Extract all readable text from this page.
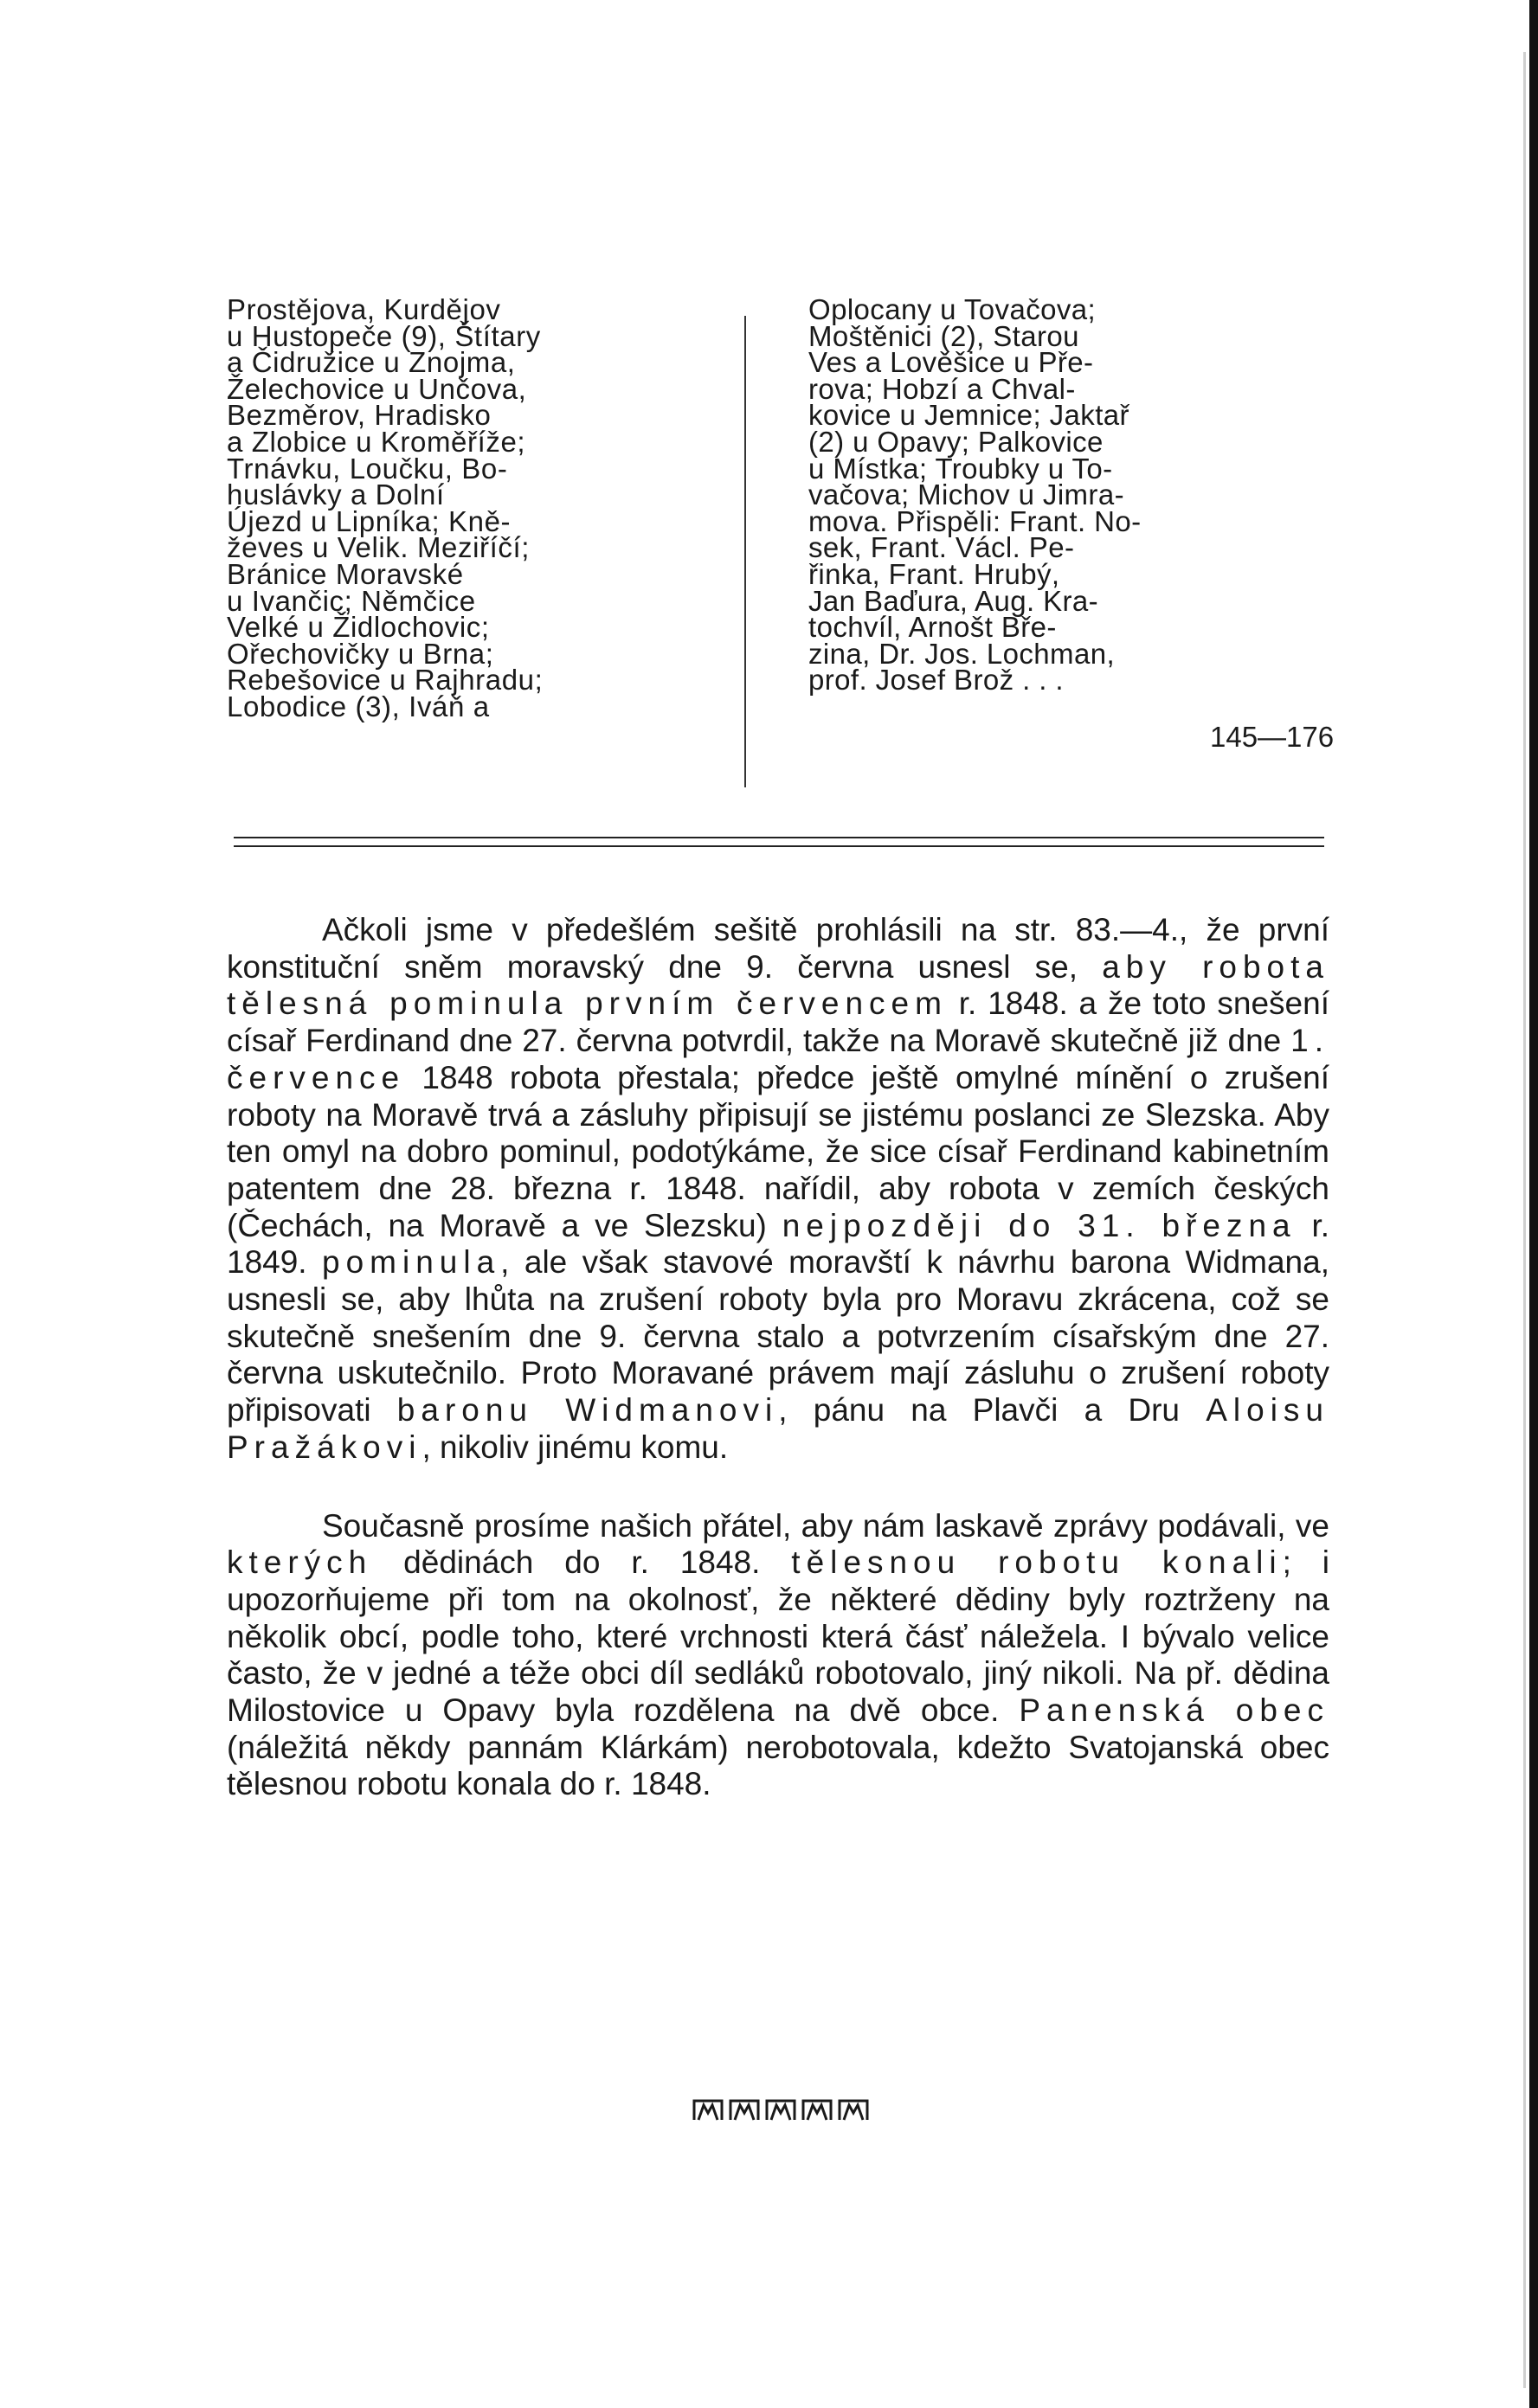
Prostějova, Kurdějov
u Hustopeče (9), Štítary
a Čidružice u Znojma,
Želechovice u Unčova,
Bezměrov, Hradisko
a Zlobice u Kroměříže;
Trnávku, Loučku, Bo-
huslávky a Dolní
Újezd u Lipníka; Kně-
ževes u Velik. Meziříčí;
Bránice Moravské
u Ivančic; Němčice
Velké u Židlochovic;
Ořechovičky u Brna;
Rebešovice u Rajhradu;
Lobodice (3), Iváň a
Oplocany u Tovačova;
Moštěnici (2), Starou
Ves a Lověšice u Pře-
rova; Hobzí a Chval-
kovice u Jemnice; Jaktař
(2) u Opavy; Palkovice
u Místka; Troubky u To-
vačova; Michov u Jimra-
mova. Přispěli: Frant. No-
sek, Frant. Václ. Pe-
řinka, Frant. Hrubý,
Jan Baďura, Aug. Kra-
tochvíl, Arnošt Bře-
zina, Dr. Jos. Lochman,
prof. Josef Brož . . .
145—176

Ačkoli jsme v předešlém sešitě prohlásili na str. 83.—4., že první konstituční sněm moravský dne 9. června usnesl se, aby robota tělesná pominula prvním červencem r. 1848. a že toto snešení císař Ferdinand dne 27. června potvrdil, takže na Moravě skutečně již dne 1. července 1848 robota přestala; předce ještě omylné mínění o zrušení roboty na Moravě trvá a zásluhy připisují se jistému poslanci ze Slezska. Aby ten omyl na dobro pominul, podotýkáme, že sice císař Ferdinand kabinetním patentem dne 28. března r. 1848. nařídil, aby robota v zemích českých (Čechách, na Moravě a ve Slezsku) nejpozději do 31. března r. 1849. pominula, ale však stavové moravští k návrhu barona Widmana, usnesli se, aby lhůta na zrušení roboty byla pro Moravu zkrácena, což se skutečně snešením dne 9. června stalo a potvrzením císařským dne 27. června uskutečnilo. Proto Moravané právem mají zásluhu o zrušení roboty připisovati baronu Widmanovi, pánu na Plavči a Dru Aloisu Pražákovi, nikoliv jinému komu.

Současně prosíme našich přátel, aby nám laskavě zprávy podávali, ve kterých dědinách do r. 1848. tělesnou robotu konali; i upozorňujeme při tom na okolnosť, že některé dědiny byly roztrženy na několik obcí, podle toho, které vrchnosti která čásť náležela. I bývalo velice často, že v jedné a téže obci díl sedláků robotovalo, jiný nikoli. Na př. dědina Milostovice u Opavy byla rozdělena na dvě obce. Panenská obec (náležitá někdy pannám Klárkám) nerobotovala, kdežto Svatojanská obec tělesnou robotu konala do r. 1848.
